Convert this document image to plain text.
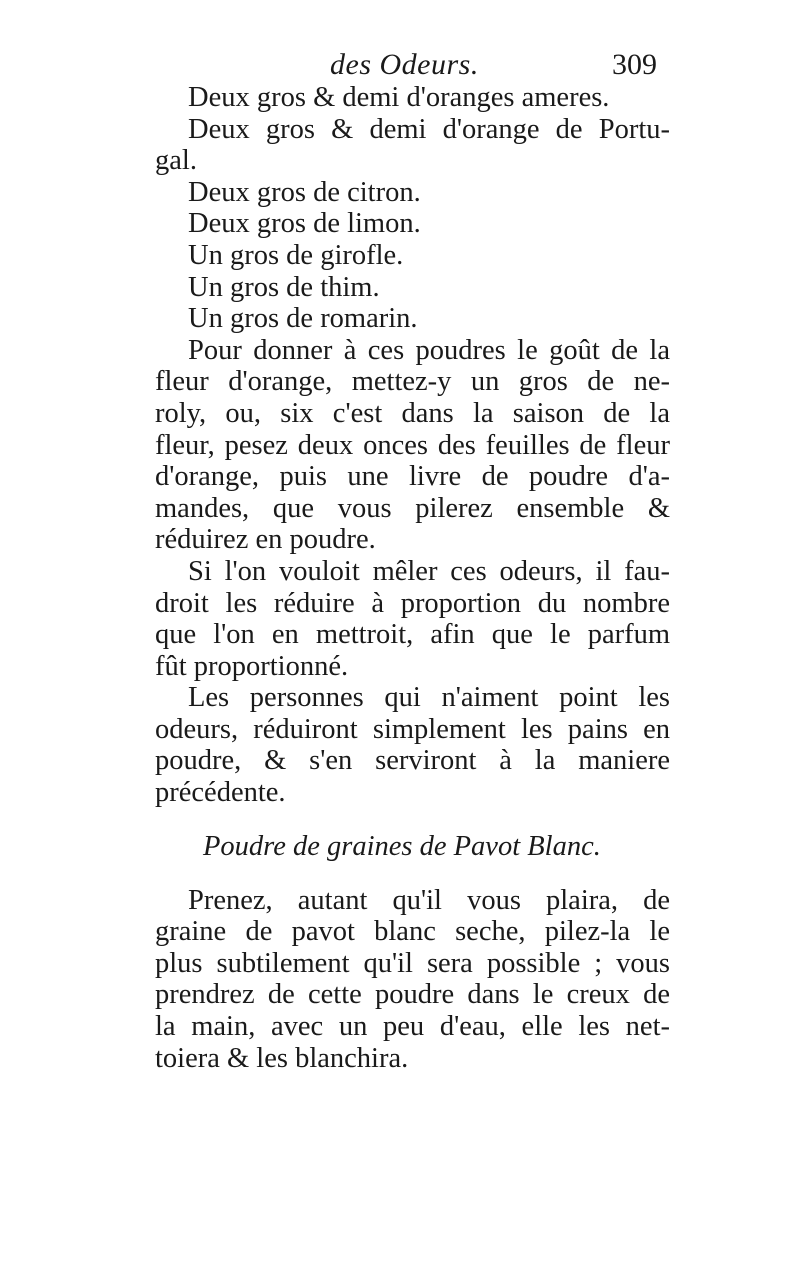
des Odeurs.	309
Deux gros & demi d'oranges ameres.
Deux gros & demi d'orange de Portu-
gal.
Deux gros de citron.
Deux gros de limon.
Un gros de girofle.
Un gros de thim.
Un gros de romarin.
Pour donner à ces poudres le goût de la
fleur d'orange, mettez-y un gros de ne-
roly, ou, six c'est dans la saison de la
fleur, pesez deux onces des feuilles de fleur
d'orange, puis une livre de poudre d'a-
mandes, que vous pilerez ensemble &
réduirez en poudre.
Si l'on vouloit mêler ces odeurs, il fau-
droit les réduire à proportion du nombre
que l'on en mettroit, afin que le parfum
fût proportionné.
Les personnes qui n'aiment point les
odeurs, réduiront simplement les pains en
poudre, & s'en serviront à la maniere
précédente.
Poudre de graines de Pavot Blanc.
Prenez, autant qu'il vous plaira, de
graine de pavot blanc seche, pilez-la le
plus subtilement qu'il sera possible ; vous
prendrez de cette poudre dans le creux de
la main, avec un peu d'eau, elle les net-
toiera & les blanchira.
